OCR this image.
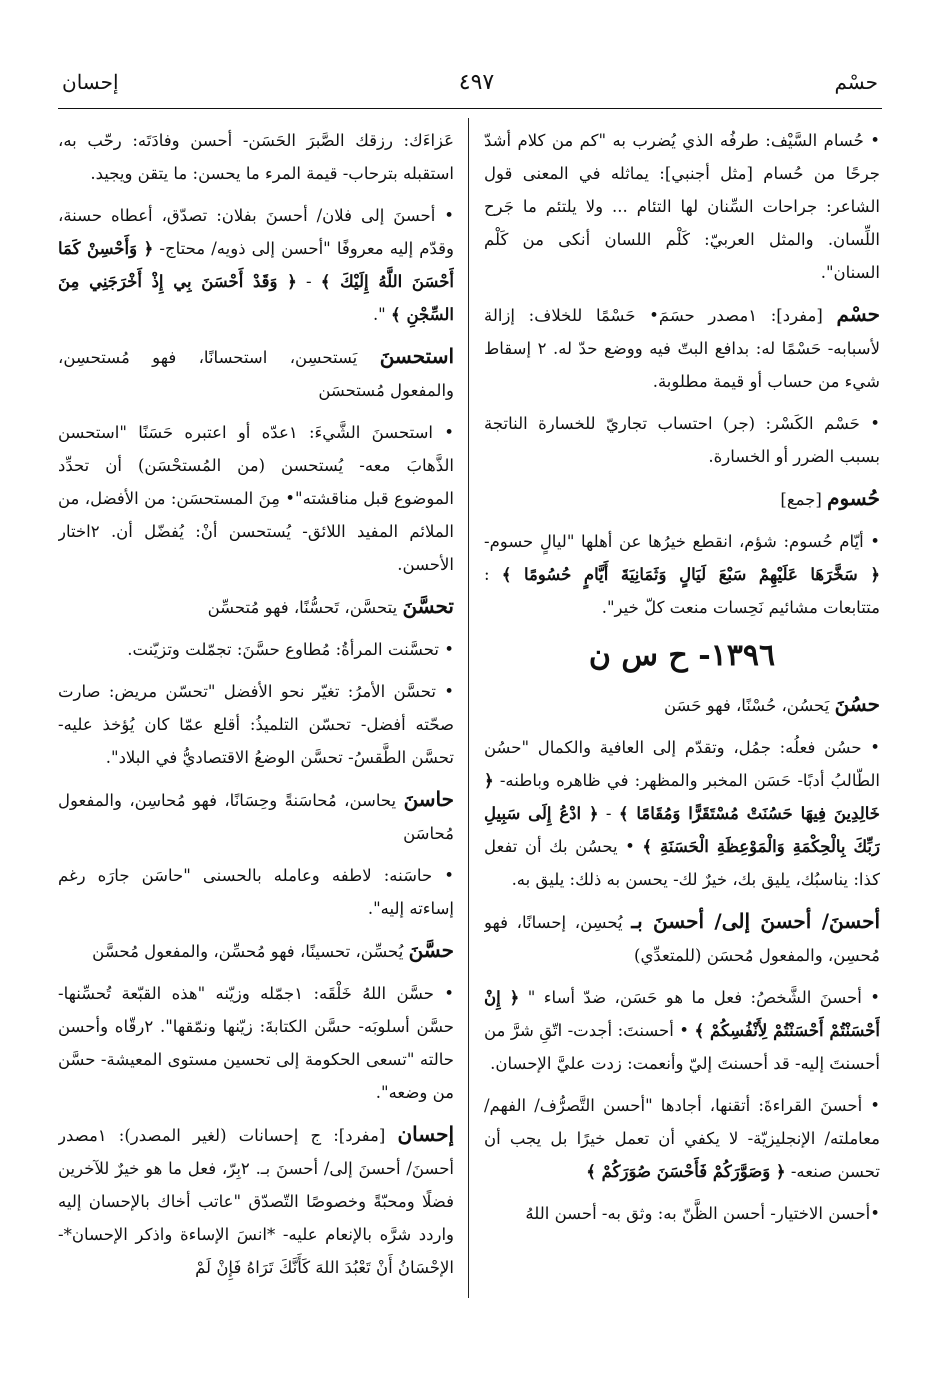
حسْم
٤٩٧
إحسان

• حُسام السَّيْف: طرفُه الذي يُضرب به "كم من كلام أشدّ جرحًا من حُسام [مثل أجنبي]: يماثله في المعنى قول الشاعر: جراحات السِّنان لها التئام ... ولا يلتئم ما جَرح اللِّسان. والمثل العربيّ: كَلْم اللسان أنكى من كَلْم السنان".

حسْم [مفرد]: ١مصدر حسَمَ• حَسْمًا للخلاف: إزالة لأسبابه- حَسْمًا له: بدافع البتّ فيه ووضع حدّ له. ٢ إسقاط شيء من حساب أو قيمة مطلوبة.

• حَسْم الكَسْر: (جر) احتساب تجاريّ للخسارة الناتجة بسبب الضرر أو الخسارة.

حُسوم [جمع]

• أيّام حُسوم: شؤم، انقطع خيرُها عن أهلها "ليالٍ حسوم- ﴿ سَخَّرَهَا عَلَيْهِمْ سَبْعَ لَيَالٍ وَثَمَانِيَةَ أَيَّامٍ حُسُومًا ﴾ : متتابعات مشائيم نَحِسات منعت كلّ خير".

١٣٩٦- ح س ن

حسُنَ يَحسُن، حُسْنًا، فهو حَسَن

• حسُن فعلُه: جمُل، وتقدّم إلى العافية والكمال "حسُن الطّالبُ أدبًا- حَسَن المخبر والمظهر: في ظاهره وباطنه- ﴿ خَالِدِينَ فِيهَا حَسُنَتْ مُسْتَقَرًّا وَمُقَامًا ﴾ - ﴿ ادْعُ إِلَى سَبِيلِ رَبِّكَ بِالْحِكْمَةِ وَالْمَوْعِظَةِ الْحَسَنَةِ ﴾ • يحسُن بك أن تفعل كذا: يناسبُك، يليق بك، خيرٌ لك- يحسن به ذلك: يليق به.

أحسنَ/ أحسنَ إلى/ أحسنَ بـ يُحسِن، إحسانًا، فهو مُحسِن، والمفعول مُحسَن (للمتعدِّي)

• أحسنَ الشَّخصُ: فعل ما هو حَسَن، ضدّ أساء " ﴿ إِنْ أَحْسَنْتُمْ أَحْسَنْتُمْ لِأَنْفُسِكُمْ ﴾ • أحسنتَ: أجدت- اتّقِ شرَّ من أحسنتَ إليه- قد أحسنتَ إليّ وأنعمت: زدت عليَّ الإحسان.

• أحسنَ القراءةَ: أتقنها، أجادها "أحسن التَّصرُّف/ الفهم/ معاملته/ الإنجليزيّة- لا يكفي أن تعمل خيرًا بل يجب أن تحسن صنعه- ﴿ وَصَوَّرَكُمْ فَأَحْسَنَ صُوَرَكُمْ ﴾

•أحسن الاختيار- أحسن الظَّنّ به: وثق به- أحسن اللهُ

عَزاءَك: رزقك الصَّبرَ الحَسَن- أحسن وفادَتَه: رحّب به، استقبله بترحاب- قيمة المرء ما يحسن: ما يتقن ويجيد.

• أحسنَ إلى فلان/ أحسنَ بفلان: تصدّق، أعطاه حسنة، وقدّم إليه معروفًا "أحسن إلى ذويه/ محتاج- ﴿ وَأَحْسِنْ كَمَا أَحْسَنَ اللَّهُ إِلَيْكَ ﴾ - ﴿ وَقَدْ أَحْسَنَ بِي إِذْ أَخْرَجَنِي مِنَ السِّجْنِ ﴾ ".

استحسنَ يَستحسِن، استحسانًا، فهو مُستحسِن، والمفعول مُستحسَن

• استحسنَ الشَّيءَ: ١عدّه أو اعتبره حَسَنًا "استحسن الذَّهابَ معه- يُستحسن (من المُستحْسَن) أن تحدِّد الموضوع قبل مناقشته"• مِنَ المستحسَن: من الأفضل، من الملائم المفيد اللائق- يُستحسن أنْ: يُفضّل أن. ٢اختار الأحسن.

تحسَّنَ يتحسَّن، تَحسُّنًا، فهو مُتحسِّن

• تحسَّنت المرأةُ: مُطاوع حسَّنَ: تجمّلت وتزيّنت.

• تحسَّن الأمرُ: تغيّر نحو الأفضل "تحسّن مريض: صارت صحّته أفضل- تحسّن التلميذُ: أقلع عمّا كان يُؤخذ عليه- تحسَّن الطَّقسُ- تحسَّن الوضعُ الاقتصاديُّ في البلاد".

حاسنَ يحاسن، مُحاسَنةً وحِسَانًا، فهو مُحاسِن، والمفعول مُحاسَن

• حاسَنه: لاطفه وعامله بالحسنى "حاسَن جارَه رغم إساءته إليه".

حسَّنَ يُحسِّن، تحسينًا، فهو مُحسِّن، والمفعول مُحسَّن

• حسَّن اللهُ خَلْقَه: ١جمّله وزيّنه "هذه القبّعة تُحسِّنها- حسَّن أسلوبَه- حسَّن الكتابةَ: زيّنها ونمّقها". ٢رقّاه وأحسن حالته "تسعى الحكومة إلى تحسين مستوى المعيشة- حسَّن من وضعه".

إحسان [مفرد]: ج إحسانات (لغير المصدر): ١مصدر أحسنَ/ أحسنَ إلى/ أحسنَ بـ. ٢بِرّ، فعل ما هو خيرٌ للآخرين فضلًا ومحبّةً وخصوصًا التّصدّق "عاتب أخاك بالإحسان إليه واردد شرَّه بالإنعام عليه- *انسَ الإساءة واذكر الإحسان*- الإحْسَانُ أَنْ تَعْبُدَ اللهَ كَأَنَّكَ تَرَاهُ فَإِنْ لَمْ
